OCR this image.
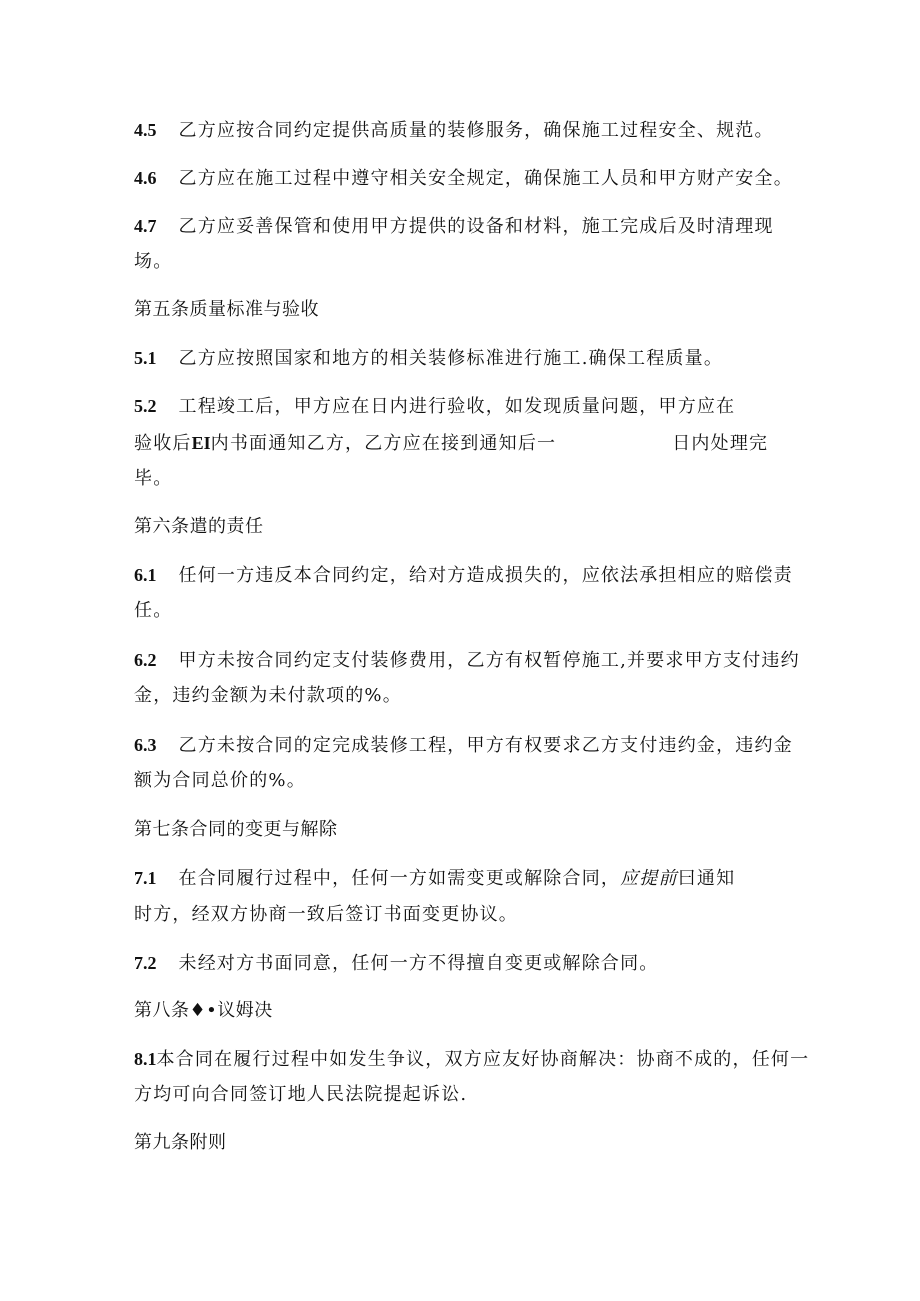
4.5 乙方应按合同约定提供高质量的装修服务，确保施工过程安全、规范。
4.6 乙方应在施工过程中遵守相关安全规定，确保施工人员和甲方财产安全。
4.7 乙方应妥善保管和使用甲方提供的设备和材料，施工完成后及时清理现
场。
第五条质量标准与验收
5.1 乙方应按照国家和地方的相关装修标准进行施工.确保工程质量。
5.2 工程竣工后，甲方应在日内进行验收，如发现质量问题，甲方应在
验收后EI内书面通知乙方，乙方应在接到通知后一	日内处理完
毕。
第六条遣的责任
6.1 任何一方违反本合同约定，给对方造成损失的，应依法承担相应的赔偿责
任。
6.2 甲方未按合同约定支付装修费用，乙方有权暂停施工,并要求甲方支付违约
金，违约金额为未付款项的%。
6.3 乙方未按合同的定完成装修工程，甲方有权要求乙方支付违约金，违约金
额为合同总价的%。
第七条合同的变更与解除
7.1 在合同履行过程中，任何一方如需变更或解除合同，应提前曰通知
时方，经双方协商一致后签订书面变更协议。
7.2 未经对方书面同意，任何一方不得擅自变更或解除合同。
第八条♦•议姆决
8.1本合同在履行过程中如发生争议，双方应友好协商解决：协商不成的，任何一
方均可向合同签订地人民法院提起诉讼.
第九条附则
